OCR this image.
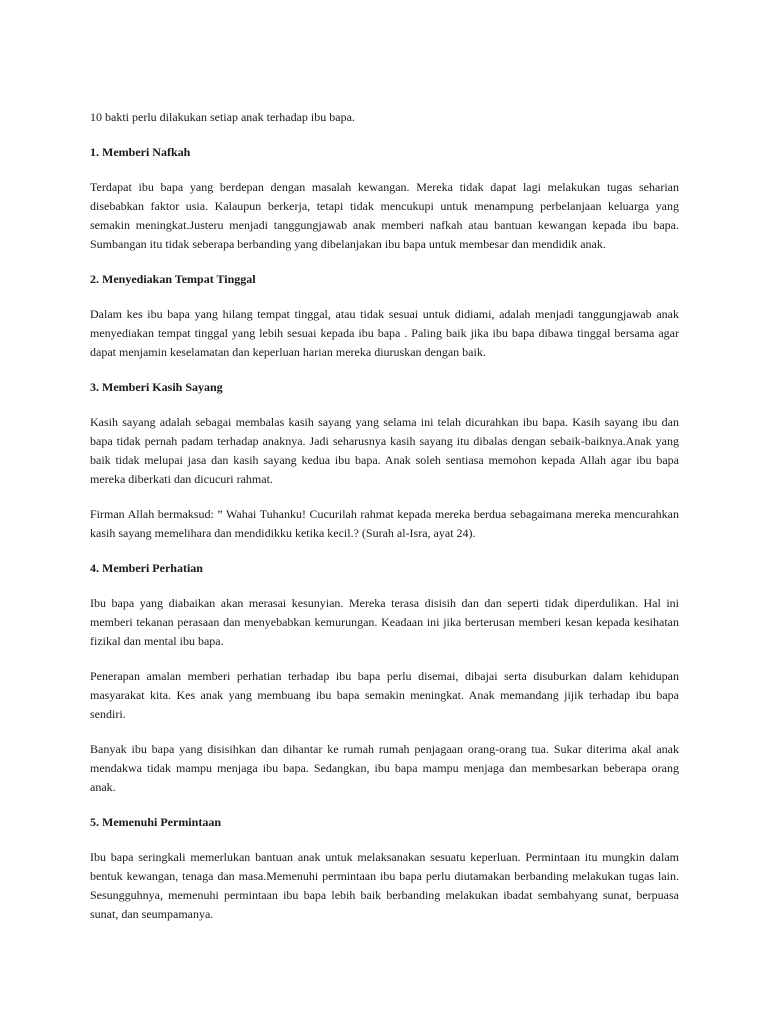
10 bakti perlu dilakukan setiap anak terhadap ibu bapa.

1. Memberi Nafkah

Terdapat ibu bapa yang berdepan dengan masalah kewangan. Mereka tidak dapat lagi melakukan tugas seharian disebabkan faktor usia. Kalaupun berkerja, tetapi tidak mencukupi untuk menampung perbelanjaan keluarga yang semakin meningkat.Justeru menjadi tanggungjawab anak memberi nafkah atau bantuan kewangan kepada ibu bapa. Sumbangan itu tidak seberapa berbanding yang dibelanjakan ibu bapa untuk membesar dan mendidik anak.

2. Menyediakan Tempat Tinggal

Dalam kes ibu bapa yang hilang tempat tinggal, atau tidak sesuai untuk didiami, adalah menjadi tanggungjawab anak menyediakan tempat tinggal yang lebih sesuai kepada ibu bapa . Paling baik jika ibu bapa dibawa tinggal bersama agar dapat menjamin keselamatan dan keperluan harian mereka diuruskan dengan baik.

3. Memberi Kasih Sayang

Kasih sayang adalah sebagai membalas kasih sayang yang selama ini telah dicurahkan ibu bapa. Kasih sayang ibu dan bapa tidak pernah padam terhadap anaknya. Jadi seharusnya kasih sayang itu dibalas dengan sebaik-baiknya.Anak yang baik tidak melupai jasa dan kasih sayang kedua ibu bapa. Anak soleh sentiasa memohon kepada Allah agar ibu bapa mereka diberkati dan dicucuri rahmat.

Firman Allah bermaksud: ” Wahai Tuhanku! Cucurilah rahmat kepada mereka berdua sebagaimana mereka mencurahkan kasih sayang memelihara dan mendidikku ketika kecil.? (Surah al-Isra, ayat 24).

4. Memberi Perhatian

Ibu bapa yang diabaikan akan merasai kesunyian. Mereka terasa disisih dan dan seperti tidak diperdulikan. Hal ini memberi tekanan perasaan dan menyebabkan kemurungan. Keadaan ini jika berterusan memberi kesan kepada kesihatan fizikal dan mental ibu bapa.

Penerapan amalan memberi perhatian terhadap ibu bapa perlu disemai, dibajai serta disuburkan dalam kehidupan masyarakat kita. Kes anak yang membuang ibu bapa semakin meningkat. Anak memandang jijik terhadap ibu bapa sendiri.

Banyak ibu bapa yang disisihkan dan dihantar ke rumah rumah penjagaan orang-orang tua. Sukar diterima akal anak mendakwa tidak mampu menjaga ibu bapa. Sedangkan, ibu bapa mampu menjaga dan membesarkan beberapa orang anak.

5. Memenuhi Permintaan

Ibu bapa seringkali memerlukan bantuan anak untuk melaksanakan sesuatu keperluan. Permintaan itu mungkin dalam bentuk kewangan, tenaga dan masa.Memenuhi permintaan ibu bapa perlu diutamakan berbanding melakukan tugas lain. Sesungguhnya, memenuhi permintaan ibu bapa lebih baik berbanding melakukan ibadat sembahyang sunat, berpuasa sunat, dan seumpamanya.
